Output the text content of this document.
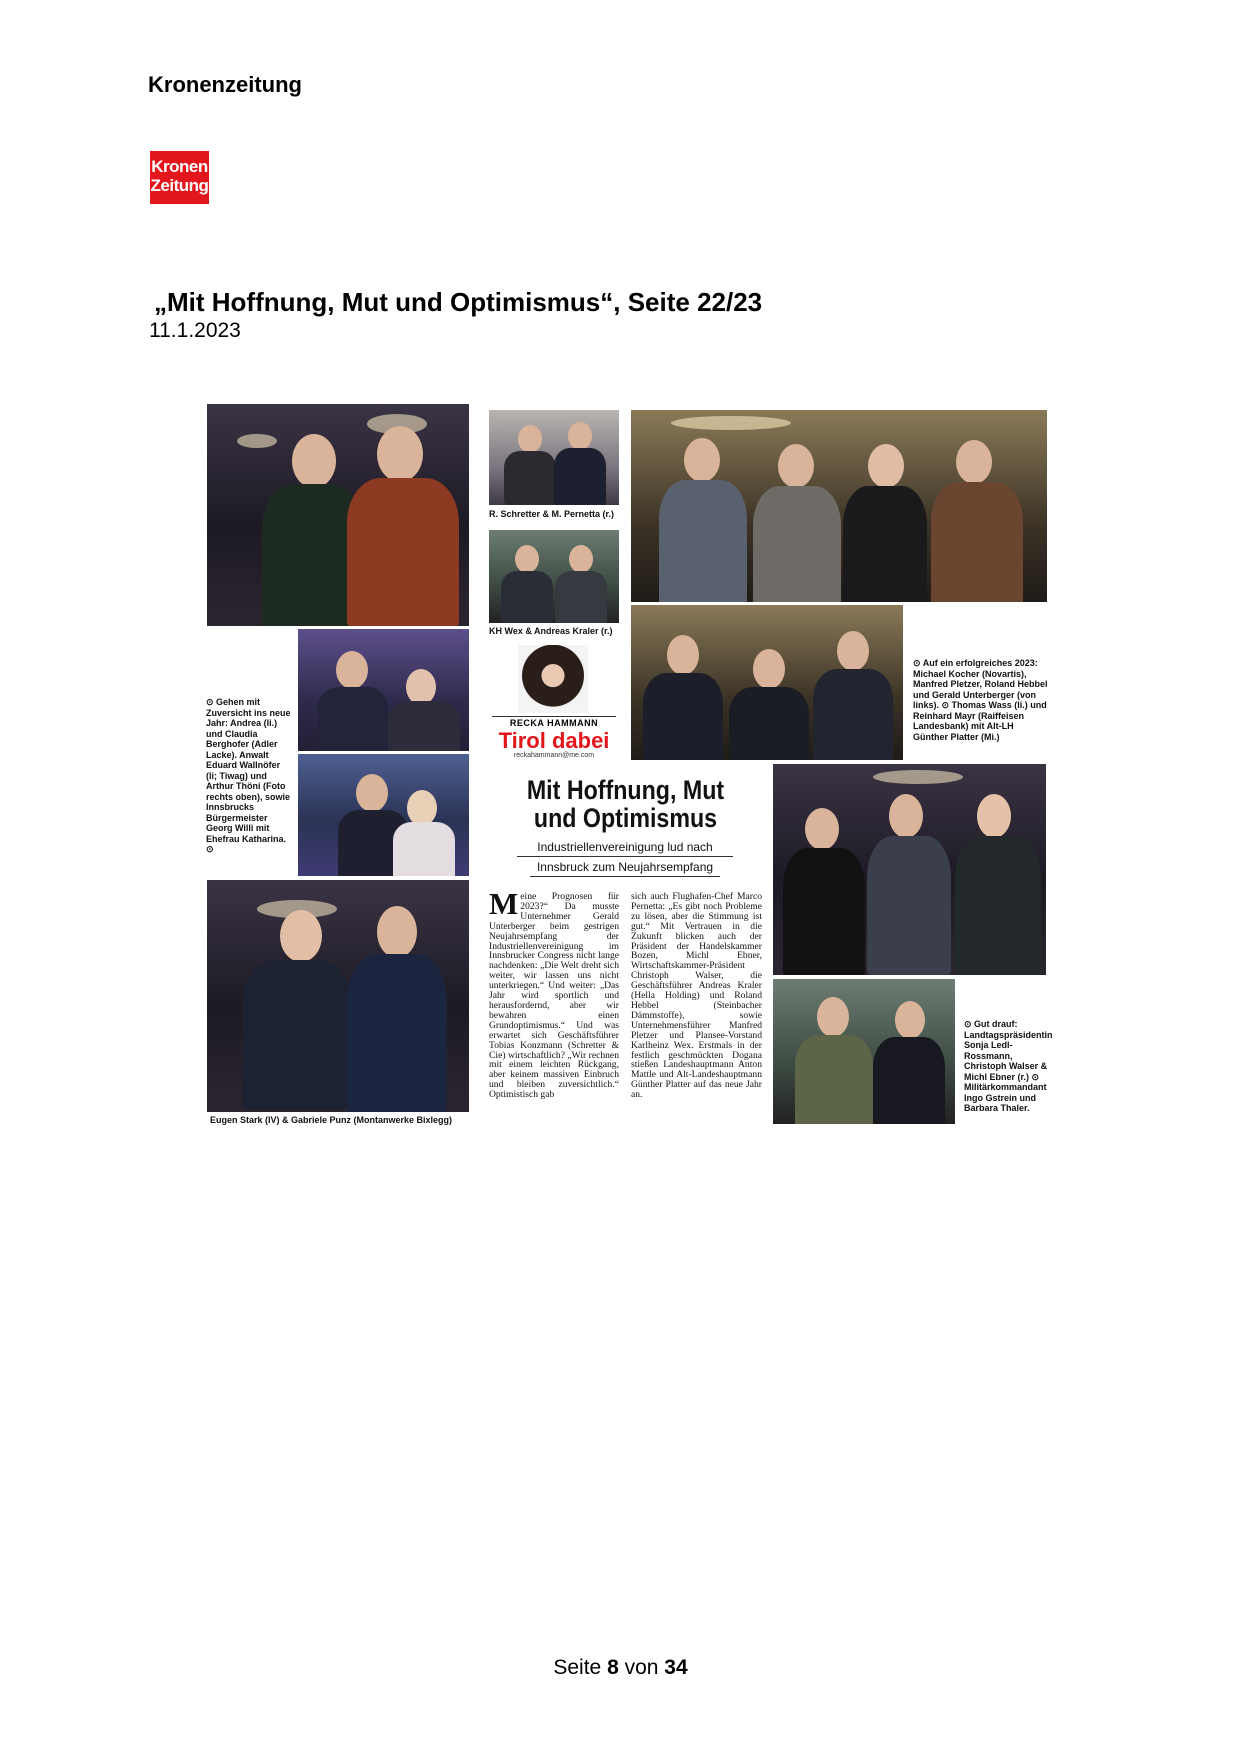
Kronenzeitung
Kronen
Zeitung
„Mit Hoffnung, Mut und Optimismus“, Seite 22/23
11.1.2023
R. Schretter & M. Pernetta (r.)
KH Wex & Andreas Kraler (r.)
⊙ Gehen mit Zuversicht ins neue Jahr: Andrea (li.) und Claudia Berghofer (Adler Lacke). Anwalt Eduard Wallnöfer (li; Tiwag) und Arthur Thöni (Foto rechts oben), sowie Innsbrucks Bürgermeister Georg Willi mit Ehefrau Katharina. ⊙
Eugen Stark (IV) & Gabriele Punz (Montanwerke Bixlegg)
⊙ Auf ein erfolgreiches 2023: Michael Kocher (Novartis), Manfred Pletzer, Roland Hebbel und Gerald Unterberger (von links). ⊙ Thomas Wass (li.) und Reinhard Mayr (Raiffeisen Landesbank) mit Alt-LH Günther Platter (Mi.)
⊙ Gut drauf: Landtagspräsidentin Sonja Ledl-Rossmann, Christoph Walser & Michl Ebner (r.) ⊙ Militärkommandant Ingo Gstrein und Barbara Thaler.
RECKA HAMMANN
Tirol dabei
reckahammann@me.com
Mit Hoffnung, Mut und Optimismus
Industriellenvereinigung lud nach
Innsbruck zum Neujahrsempfang
Meine Prognosen für 2023?“ Da musste Unternehmer Gerald Unterberger beim gestrigen Neujahrsempfang der Industriellenvereinigung im Innsbrucker Congress nicht lange nachdenken: „Die Welt dreht sich weiter, wir lassen uns nicht unterkriegen.“ Und weiter: „Das Jahr wird sportlich und herausfordernd, aber wir bewahren einen Grundoptimismus.“ Und was erwartet sich Geschäftsführer Tobias Konzmann (Schretter & Cie) wirtschaftlich? „Wir rechnen mit einem leichten Rückgang, aber keinem massiven Einbruch und bleiben zuversichtlich.“ Optimistisch gab
sich auch Flughafen-Chef Marco Pernetta: „Es gibt noch Probleme zu lösen, aber die Stimmung ist gut.“ Mit Vertrauen in die Zukunft blicken auch der Präsident der Handelskammer Bozen, Michl Ebner, Wirtschaftskammer-Präsident Christoph Walser, die Geschäftsführer Andreas Kraler (Hella Holding) und Roland Hebbel (Steinbacher Dämmstoffe), sowie Unternehmensführer Manfred Pletzer und Plansee-Vorstand Karlheinz Wex. Erstmals in der festlich geschmückten Dogana stießen Landeshauptmann Anton Mattle und Alt-Landeshauptmann Günther Platter auf das neue Jahr an.
Seite 8 von 34
